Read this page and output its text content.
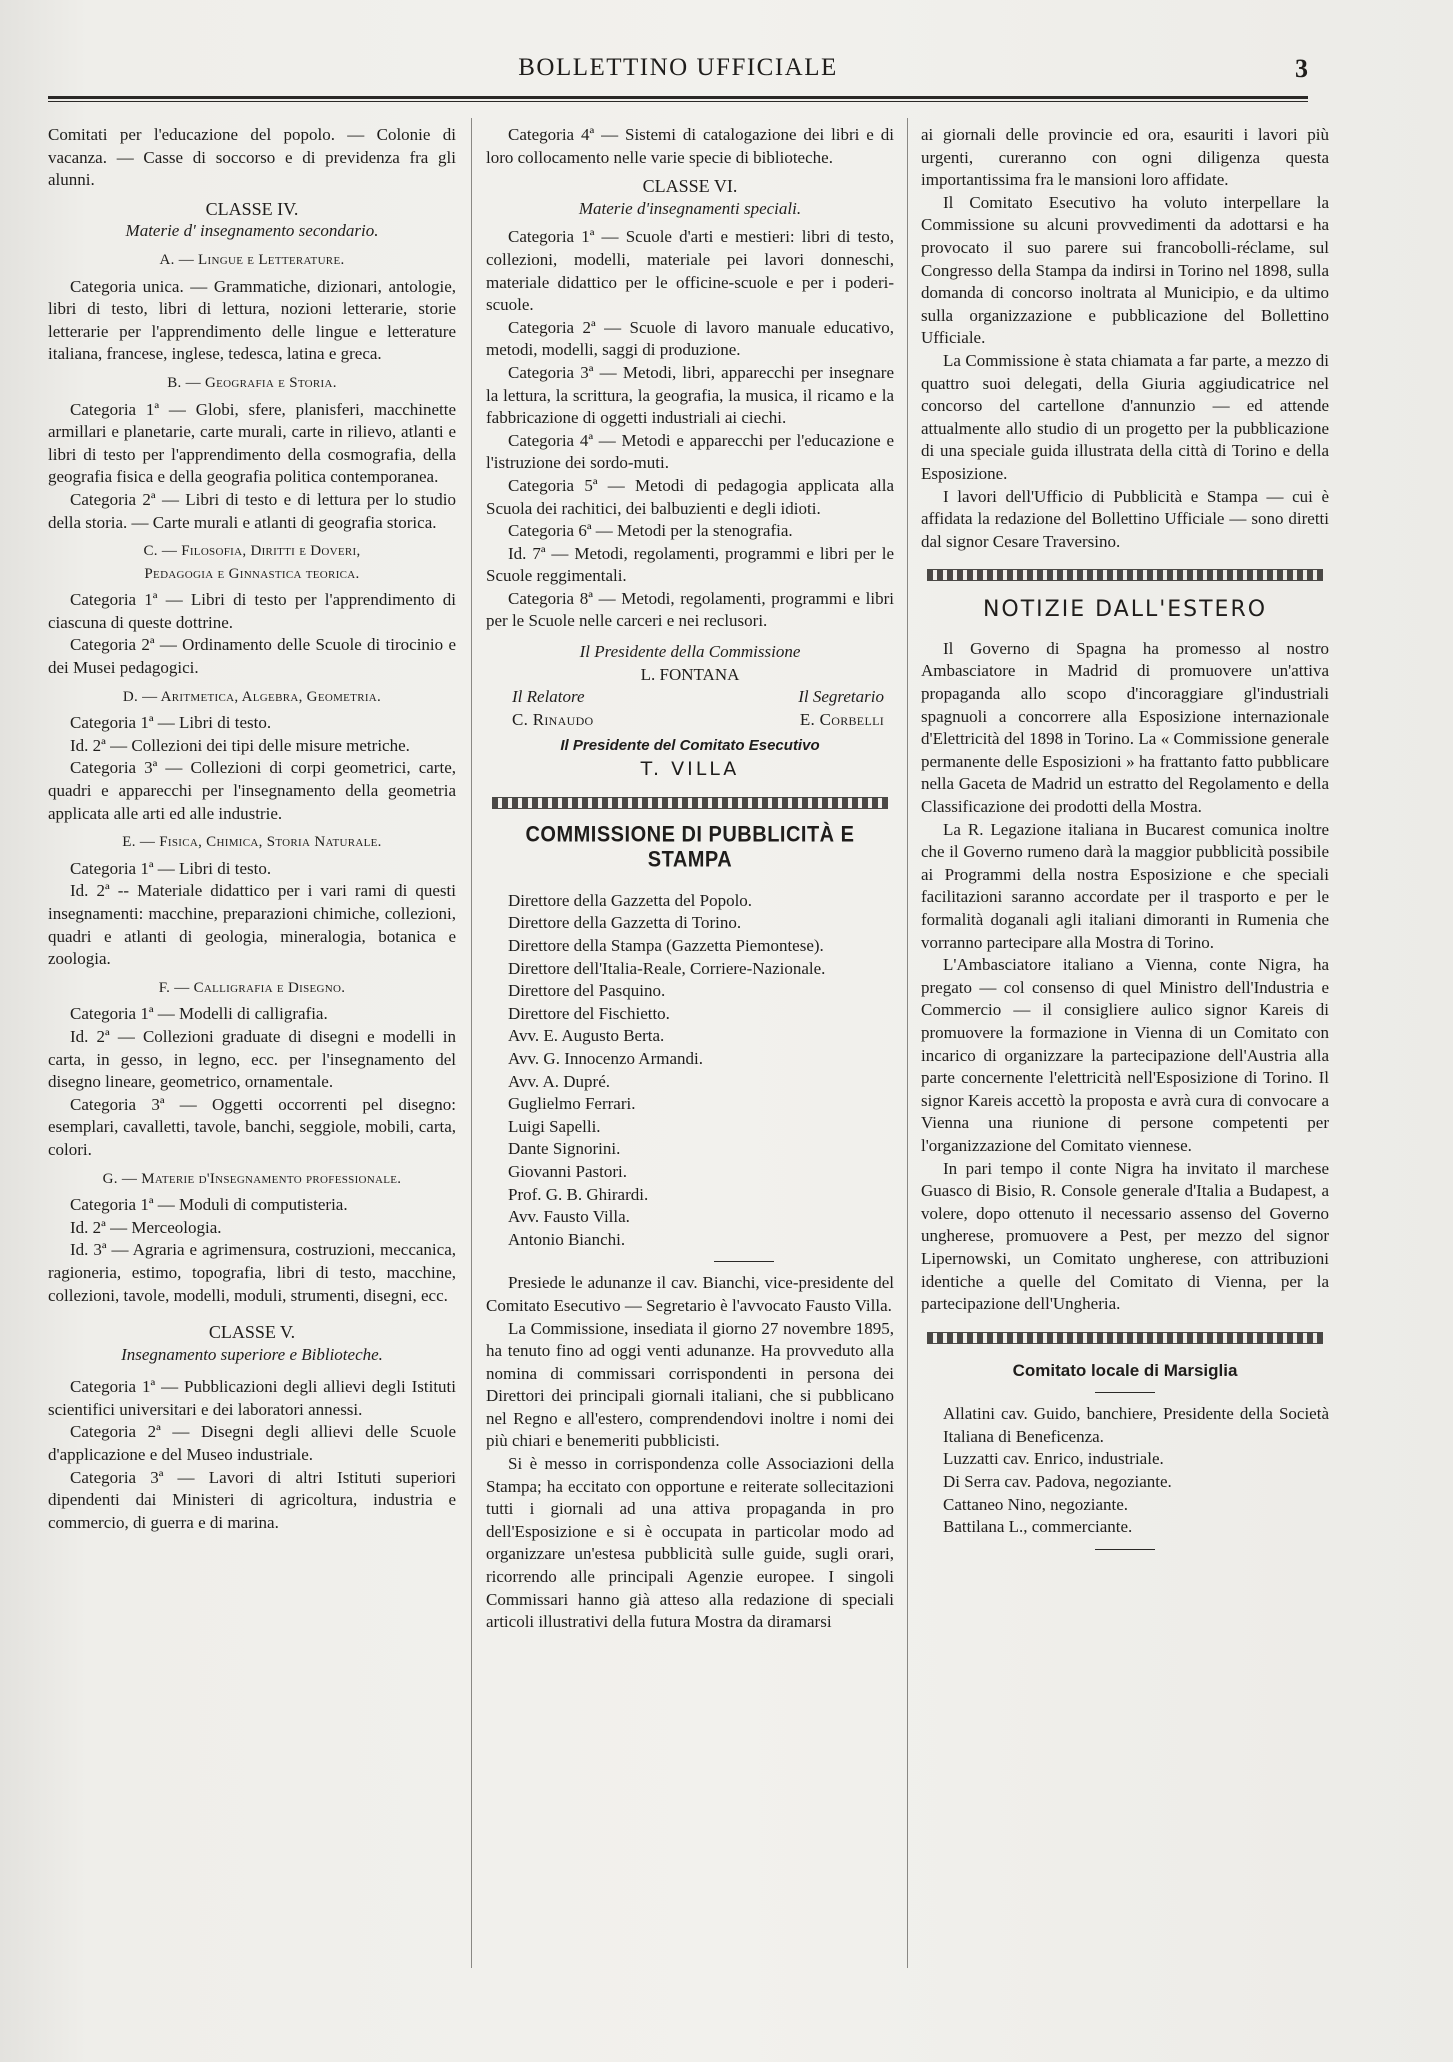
BOLLETTINO UFFICIALE	3

Comitati per l'educazione del popolo. — Colonie di vacanza. — Casse di soccorso e di previdenza fra gli alunni.

CLASSE IV.
Materie d' insegnamento secondario.
A. — Lingue e Letterature.

Categoria unica. — Grammatiche, dizionari, antologie, libri di testo, libri di lettura, nozioni letterarie, storie letterarie per l'apprendimento delle lingue e letterature italiana, francese, inglese, tedesca, latina e greca.

B. — Geografia e Storia.

Categoria 1ª — Globi, sfere, planisferi, macchinette armillari e planetarie, carte murali, carte in rilievo, atlanti e libri di testo per l'apprendimento della cosmografia, della geografia fisica e della geografia politica contemporanea.

Categoria 2ª — Libri di testo e di lettura per lo studio della storia. — Carte murali e atlanti di geografia storica.

C. — Filosofia, Diritti e Doveri,
Pedagogia e Ginnastica teorica.

Categoria 1ª — Libri di testo per l'apprendimento di ciascuna di queste dottrine.

Categoria 2ª — Ordinamento delle Scuole di tirocinio e dei Musei pedagogici.

D. — Aritmetica, Algebra, Geometria.

Categoria 1ª — Libri di testo.

Id. 2ª — Collezioni dei tipi delle misure metriche.

Categoria 3ª — Collezioni di corpi geometrici, carte, quadri e apparecchi per l'insegnamento della geometria applicata alle arti ed alle industrie.

E. — Fisica, Chimica, Storia Naturale.

Categoria 1ª — Libri di testo.

Id. 2ª -- Materiale didattico per i vari rami di questi insegnamenti: macchine, preparazioni chimiche, collezioni, quadri e atlanti di geologia, mineralogia, botanica e zoologia.

F. — Calligrafia e Disegno.

Categoria 1ª — Modelli di calligrafia.

Id. 2ª — Collezioni graduate di disegni e modelli in carta, in gesso, in legno, ecc. per l'insegnamento del disegno lineare, geometrico, ornamentale.

Categoria 3ª — Oggetti occorrenti pel disegno: esemplari, cavalletti, tavole, banchi, seggiole, mobili, carta, colori.

G. — Materie d'Insegnamento professionale.

Categoria 1ª — Moduli di computisteria.

Id. 2ª — Merceologia.

Id. 3ª — Agraria e agrimensura, costruzioni, meccanica, ragioneria, estimo, topografia, libri di testo, macchine, collezioni, tavole, modelli, moduli, strumenti, disegni, ecc.

CLASSE V.
Insegnamento superiore e Biblioteche.

Categoria 1ª — Pubblicazioni degli allievi degli Istituti scientifici universitari e dei laboratori annessi.

Categoria 2ª — Disegni degli allievi delle Scuole d'applicazione e del Museo industriale.

Categoria 3ª — Lavori di altri Istituti superiori dipendenti dai Ministeri di agricoltura, industria e commercio, di guerra e di marina.

Categoria 4ª — Sistemi di catalogazione dei libri e di loro collocamento nelle varie specie di biblioteche.

CLASSE VI.
Materie d'insegnamenti speciali.

Categoria 1ª — Scuole d'arti e mestieri: libri di testo, collezioni, modelli, materiale pei lavori donneschi, materiale didattico per le officine-scuole e per i poderi-scuole.

Categoria 2ª — Scuole di lavoro manuale educativo, metodi, modelli, saggi di produzione.

Categoria 3ª — Metodi, libri, apparecchi per insegnare la lettura, la scrittura, la geografia, la musica, il ricamo e la fabbricazione di oggetti industriali ai ciechi.

Categoria 4ª — Metodi e apparecchi per l'educazione e l'istruzione dei sordo-muti.

Categoria 5ª — Metodi di pedagogia applicata alla Scuola dei rachitici, dei balbuzienti e degli idioti.

Categoria 6ª — Metodi per la stenografia.

Id. 7ª — Metodi, regolamenti, programmi e libri per le Scuole reggimentali.

Categoria 8ª — Metodi, regolamenti, programmi e libri per le Scuole nelle carceri e nei reclusori.

Il Presidente della Commissione
L. FONTANA
Il Relatore	Il Segretario
C. Rinaudo	E. Corbelli
Il Presidente del Comitato Esecutivo
T. VILLA
COMMISSIONE DI PUBBLICITÀ E STAMPA
Direttore della Gazzetta del Popolo.
Direttore della Gazzetta di Torino.
Direttore della Stampa (Gazzetta Piemontese).
Direttore dell'Italia-Reale, Corriere-Nazionale.
Direttore del Pasquino.
Direttore del Fischietto.
Avv. E. Augusto Berta.
Avv. G. Innocenzo Armandi.
Avv. A. Dupré.
Guglielmo Ferrari.
Luigi Sapelli.
Dante Signorini.
Giovanni Pastori.
Prof. G. B. Ghirardi.
Avv. Fausto Villa.
Antonio Bianchi.

Presiede le adunanze il cav. Bianchi, vice-presidente del Comitato Esecutivo — Segretario è l'avvocato Fausto Villa.

La Commissione, insediata il giorno 27 novembre 1895, ha tenuto fino ad oggi venti adunanze. Ha provveduto alla nomina di commissari corrispondenti in persona dei Direttori dei principali giornali italiani, che si pubblicano nel Regno e all'estero, comprendendovi inoltre i nomi dei più chiari e benemeriti pubblicisti.

Si è messo in corrispondenza colle Associazioni della Stampa; ha eccitato con opportune e reiterate sollecitazioni tutti i giornali ad una attiva propaganda in pro dell'Esposizione e si è occupata in particolar modo ad organizzare un'estesa pubblicità sulle guide, sugli orari, ricorrendo alle principali Agenzie europee. I singoli Commissari hanno già atteso alla redazione di speciali articoli illustrativi della futura Mostra da diramarsi

ai giornali delle provincie ed ora, esauriti i lavori più urgenti, cureranno con ogni diligenza questa importantissima fra le mansioni loro affidate.

Il Comitato Esecutivo ha voluto interpellare la Commissione su alcuni provvedimenti da adottarsi e ha provocato il suo parere sui francobolli-réclame, sul Congresso della Stampa da indirsi in Torino nel 1898, sulla domanda di concorso inoltrata al Municipio, e da ultimo sulla organizzazione e pubblicazione del Bollettino Ufficiale.

La Commissione è stata chiamata a far parte, a mezzo di quattro suoi delegati, della Giuria aggiudicatrice nel concorso del cartellone d'annunzio — ed attende attualmente allo studio di un progetto per la pubblicazione di una speciale guida illustrata della città di Torino e della Esposizione.

I lavori dell'Ufficio di Pubblicità e Stampa — cui è affidata la redazione del Bollettino Ufficiale — sono diretti dal signor Cesare Traversino.

NOTIZIE DALL'ESTERO

Il Governo di Spagna ha promesso al nostro Ambasciatore in Madrid di promuovere un'attiva propaganda allo scopo d'incoraggiare gl'industriali spagnuoli a concorrere alla Esposizione internazionale d'Elettricità del 1898 in Torino. La « Commissione generale permanente delle Esposizioni » ha frattanto fatto pubblicare nella Gaceta de Madrid un estratto del Regolamento e della Classificazione dei prodotti della Mostra.

La R. Legazione italiana in Bucarest comunica inoltre che il Governo rumeno darà la maggior pubblicità possibile ai Programmi della nostra Esposizione e che speciali facilitazioni saranno accordate per il trasporto e per le formalità doganali agli italiani dimoranti in Rumenia che vorranno partecipare alla Mostra di Torino.

L'Ambasciatore italiano a Vienna, conte Nigra, ha pregato — col consenso di quel Ministro dell'Industria e Commercio — il consigliere aulico signor Kareis di promuovere la formazione in Vienna di un Comitato con incarico di organizzare la partecipazione dell'Austria alla parte concernente l'elettricità nell'Esposizione di Torino. Il signor Kareis accettò la proposta e avrà cura di convocare a Vienna una riunione di persone competenti per l'organizzazione del Comitato viennese.

In pari tempo il conte Nigra ha invitato il marchese Guasco di Bisio, R. Console generale d'Italia a Budapest, a volere, dopo ottenuto il necessario assenso del Governo ungherese, promuovere a Pest, per mezzo del signor Lipernowski, un Comitato ungherese, con attribuzioni identiche a quelle del Comitato di Vienna, per la partecipazione dell'Ungheria.

Comitato locale di Marsiglia
Allatini cav. Guido, banchiere, Presidente della Società Italiana di Beneficenza.
Luzzatti cav. Enrico, industriale.
Di Serra cav. Padova, negoziante.
Cattaneo Nino, negoziante.
Battilana L., commerciante.
